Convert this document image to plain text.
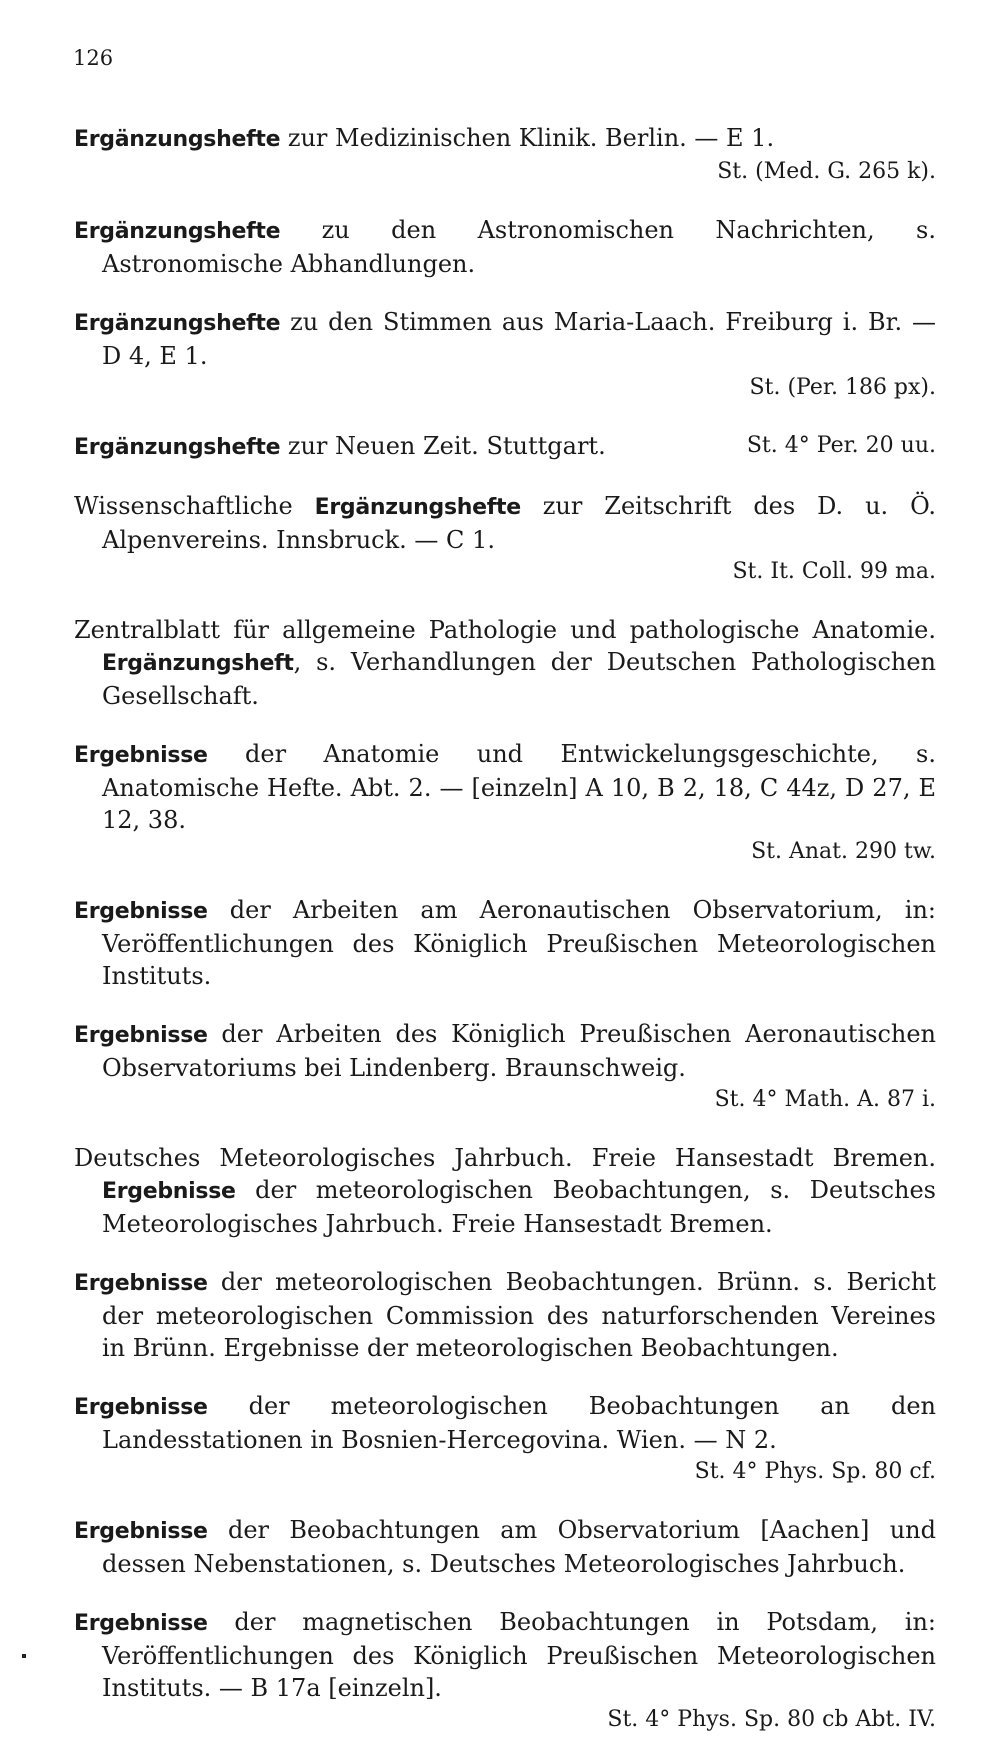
126

Ergänzungshefte zur Medizinischen Klinik. Berlin. — E 1.
St. (Med. G. 265 k).

Ergänzungshefte zu den Astronomischen Nachrichten, s. Astronomische Abhandlungen.

Ergänzungshefte zu den Stimmen aus Maria-Laach. Freiburg i. Br. — D 4, E 1.
St. (Per. 186 px).

St. 4° Per. 20 uu.
Ergänzungshefte zur Neuen Zeit. Stuttgart.

Wissenschaftliche Ergänzungshefte zur Zeitschrift des D. u. Ö. Alpenvereins. Innsbruck. — C 1.
St. It. Coll. 99 ma.

Zentralblatt für allgemeine Pathologie und pathologische Anatomie. Ergänzungsheft, s. Verhandlungen der Deutschen Pathologischen Gesellschaft.

Ergebnisse der Anatomie und Entwickelungsgeschichte, s. Anatomische Hefte. Abt. 2. — [einzeln] A 10, B 2, 18, C 44z, D 27, E 12, 38.
St. Anat. 290 tw.

Ergebnisse der Arbeiten am Aeronautischen Observatorium, in: Veröffentlichungen des Königlich Preußischen Meteorologischen Instituts.

Ergebnisse der Arbeiten des Königlich Preußischen Aeronautischen Observatoriums bei Lindenberg. Braunschweig.
St. 4° Math. A. 87 i.

Deutsches Meteorologisches Jahrbuch. Freie Hansestadt Bremen. Ergebnisse der meteorologischen Beobachtungen, s. Deutsches Meteorologisches Jahrbuch. Freie Hansestadt Bremen.

Ergebnisse der meteorologischen Beobachtungen. Brünn. s. Bericht der meteorologischen Commission des naturforschenden Vereines in Brünn. Ergebnisse der meteorologischen Beobachtungen.

Ergebnisse der meteorologischen Beobachtungen an den Landesstationen in Bosnien-Hercegovina. Wien. — N 2.
St. 4° Phys. Sp. 80 cf.

Ergebnisse der Beobachtungen am Observatorium [Aachen] und dessen Nebenstationen, s. Deutsches Meteorologisches Jahrbuch.

Ergebnisse der magnetischen Beobachtungen in Potsdam, in: Veröffentlichungen des Königlich Preußischen Meteorologischen Instituts. — B 17a [einzeln].
St. 4° Phys. Sp. 80 cb Abt. IV.
